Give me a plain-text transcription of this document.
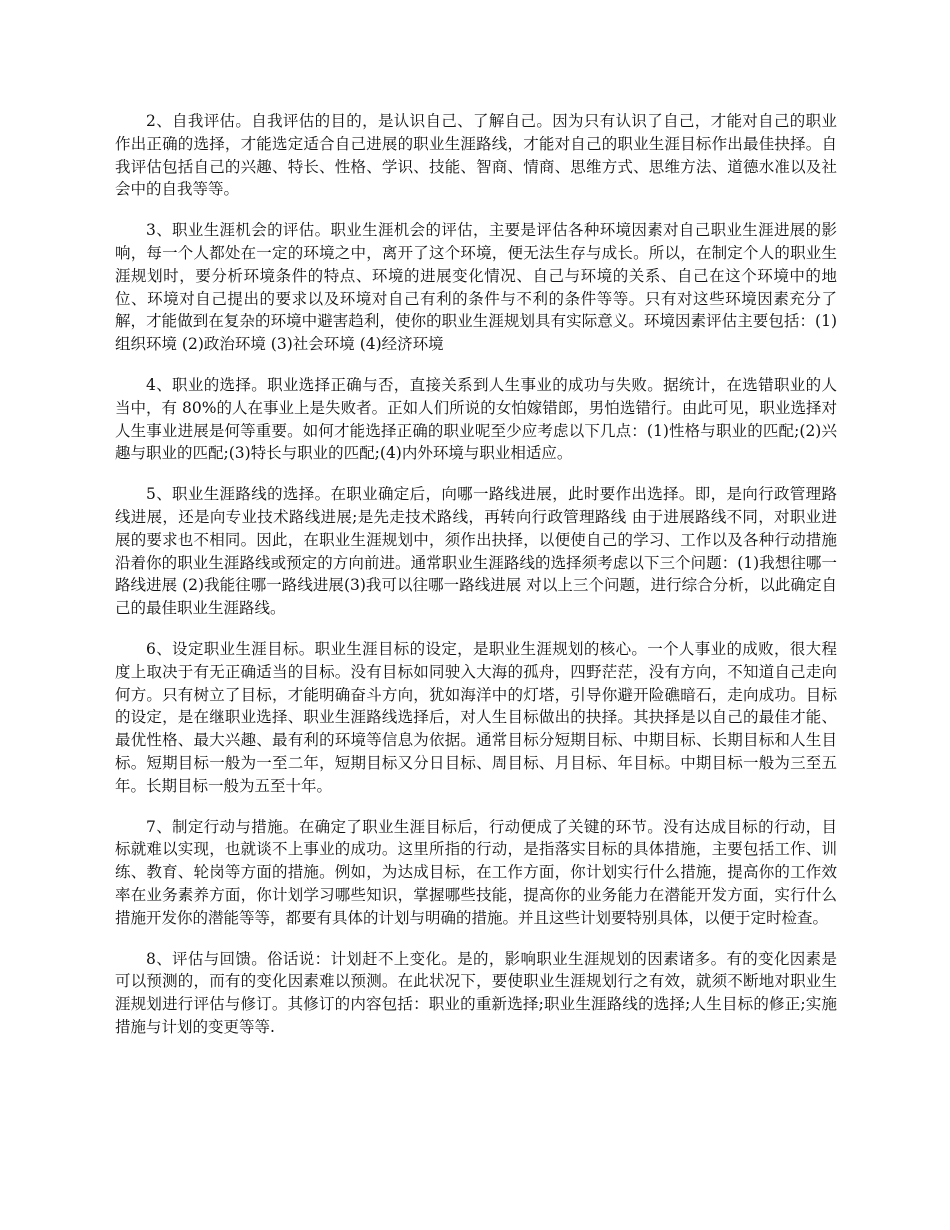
2、自我评估。自我评估的目的，是认识自己、了解自己。因为只有认识了自己，才能对自己的职业作出正确的选择，才能选定适合自己进展的职业生涯路线，才能对自己的职业生涯目标作出最佳抉择。自我评估包括自己的兴趣、特长、性格、学识、技能、智商、情商、思维方式、思维方法、道德水准以及社会中的自我等等。

3、职业生涯机会的评估。职业生涯机会的评估，主要是评估各种环境因素对自己职业生涯进展的影响，每一个人都处在一定的环境之中，离开了这个环境，便无法生存与成长。所以，在制定个人的职业生涯规划时，要分析环境条件的特点、环境的进展变化情况、自己与环境的关系、自己在这个环境中的地位、环境对自己提出的要求以及环境对自己有利的条件与不利的条件等等。只有对这些环境因素充分了解，才能做到在复杂的环境中避害趋利，使你的职业生涯规划具有实际意义。环境因素评估主要包括：(1)组织环境 (2)政治环境 (3)社会环境 (4)经济环境

4、职业的选择。职业选择正确与否，直接关系到人生事业的成功与失败。据统计，在选错职业的人当中，有 80%的人在事业上是失败者。正如人们所说的女怕嫁错郎，男怕选错行。由此可见，职业选择对人生事业进展是何等重要。如何才能选择正确的职业呢至少应考虑以下几点：(1)性格与职业的匹配;(2)兴趣与职业的匹配;(3)特长与职业的匹配;(4)内外环境与职业相适应。

5、职业生涯路线的选择。在职业确定后，向哪一路线进展，此时要作出选择。即，是向行政管理路线进展，还是向专业技术路线进展;是先走技术路线，再转向行政管理路线 由于进展路线不同，对职业进展的要求也不相同。因此，在职业生涯规划中，须作出抉择，以便使自己的学习、工作以及各种行动措施沿着你的职业生涯路线或预定的方向前进。通常职业生涯路线的选择须考虑以下三个问题：(1)我想往哪一路线进展 (2)我能往哪一路线进展(3)我可以往哪一路线进展 对以上三个问题，进行综合分析，以此确定自己的最佳职业生涯路线。

6、设定职业生涯目标。职业生涯目标的设定，是职业生涯规划的核心。一个人事业的成败，很大程度上取决于有无正确适当的目标。没有目标如同驶入大海的孤舟，四野茫茫，没有方向，不知道自己走向何方。只有树立了目标，才能明确奋斗方向，犹如海洋中的灯塔，引导你避开险礁暗石，走向成功。目标的设定，是在继职业选择、职业生涯路线选择后，对人生目标做出的抉择。其抉择是以自己的最佳才能、最优性格、最大兴趣、最有利的环境等信息为依据。通常目标分短期目标、中期目标、长期目标和人生目标。短期目标一般为一至二年，短期目标又分日目标、周目标、月目标、年目标。中期目标一般为三至五年。长期目标一般为五至十年。

7、制定行动与措施。在确定了职业生涯目标后，行动便成了关键的环节。没有达成目标的行动，目标就难以实现，也就谈不上事业的成功。这里所指的行动，是指落实目标的具体措施，主要包括工作、训练、教育、轮岗等方面的措施。例如，为达成目标，在工作方面，你计划实行什么措施，提高你的工作效率在业务素养方面，你计划学习哪些知识，掌握哪些技能，提高你的业务能力在潜能开发方面，实行什么措施开发你的潜能等等，都要有具体的计划与明确的措施。并且这些计划要特别具体，以便于定时检查。

8、评估与回馈。俗话说：计划赶不上变化。是的，影响职业生涯规划的因素诸多。有的变化因素是可以预测的，而有的变化因素难以预测。在此状况下，要使职业生涯规划行之有效，就须不断地对职业生涯规划进行评估与修订。其修订的内容包括：职业的重新选择;职业生涯路线的选择;人生目标的修正;实施措施与计划的变更等等.
